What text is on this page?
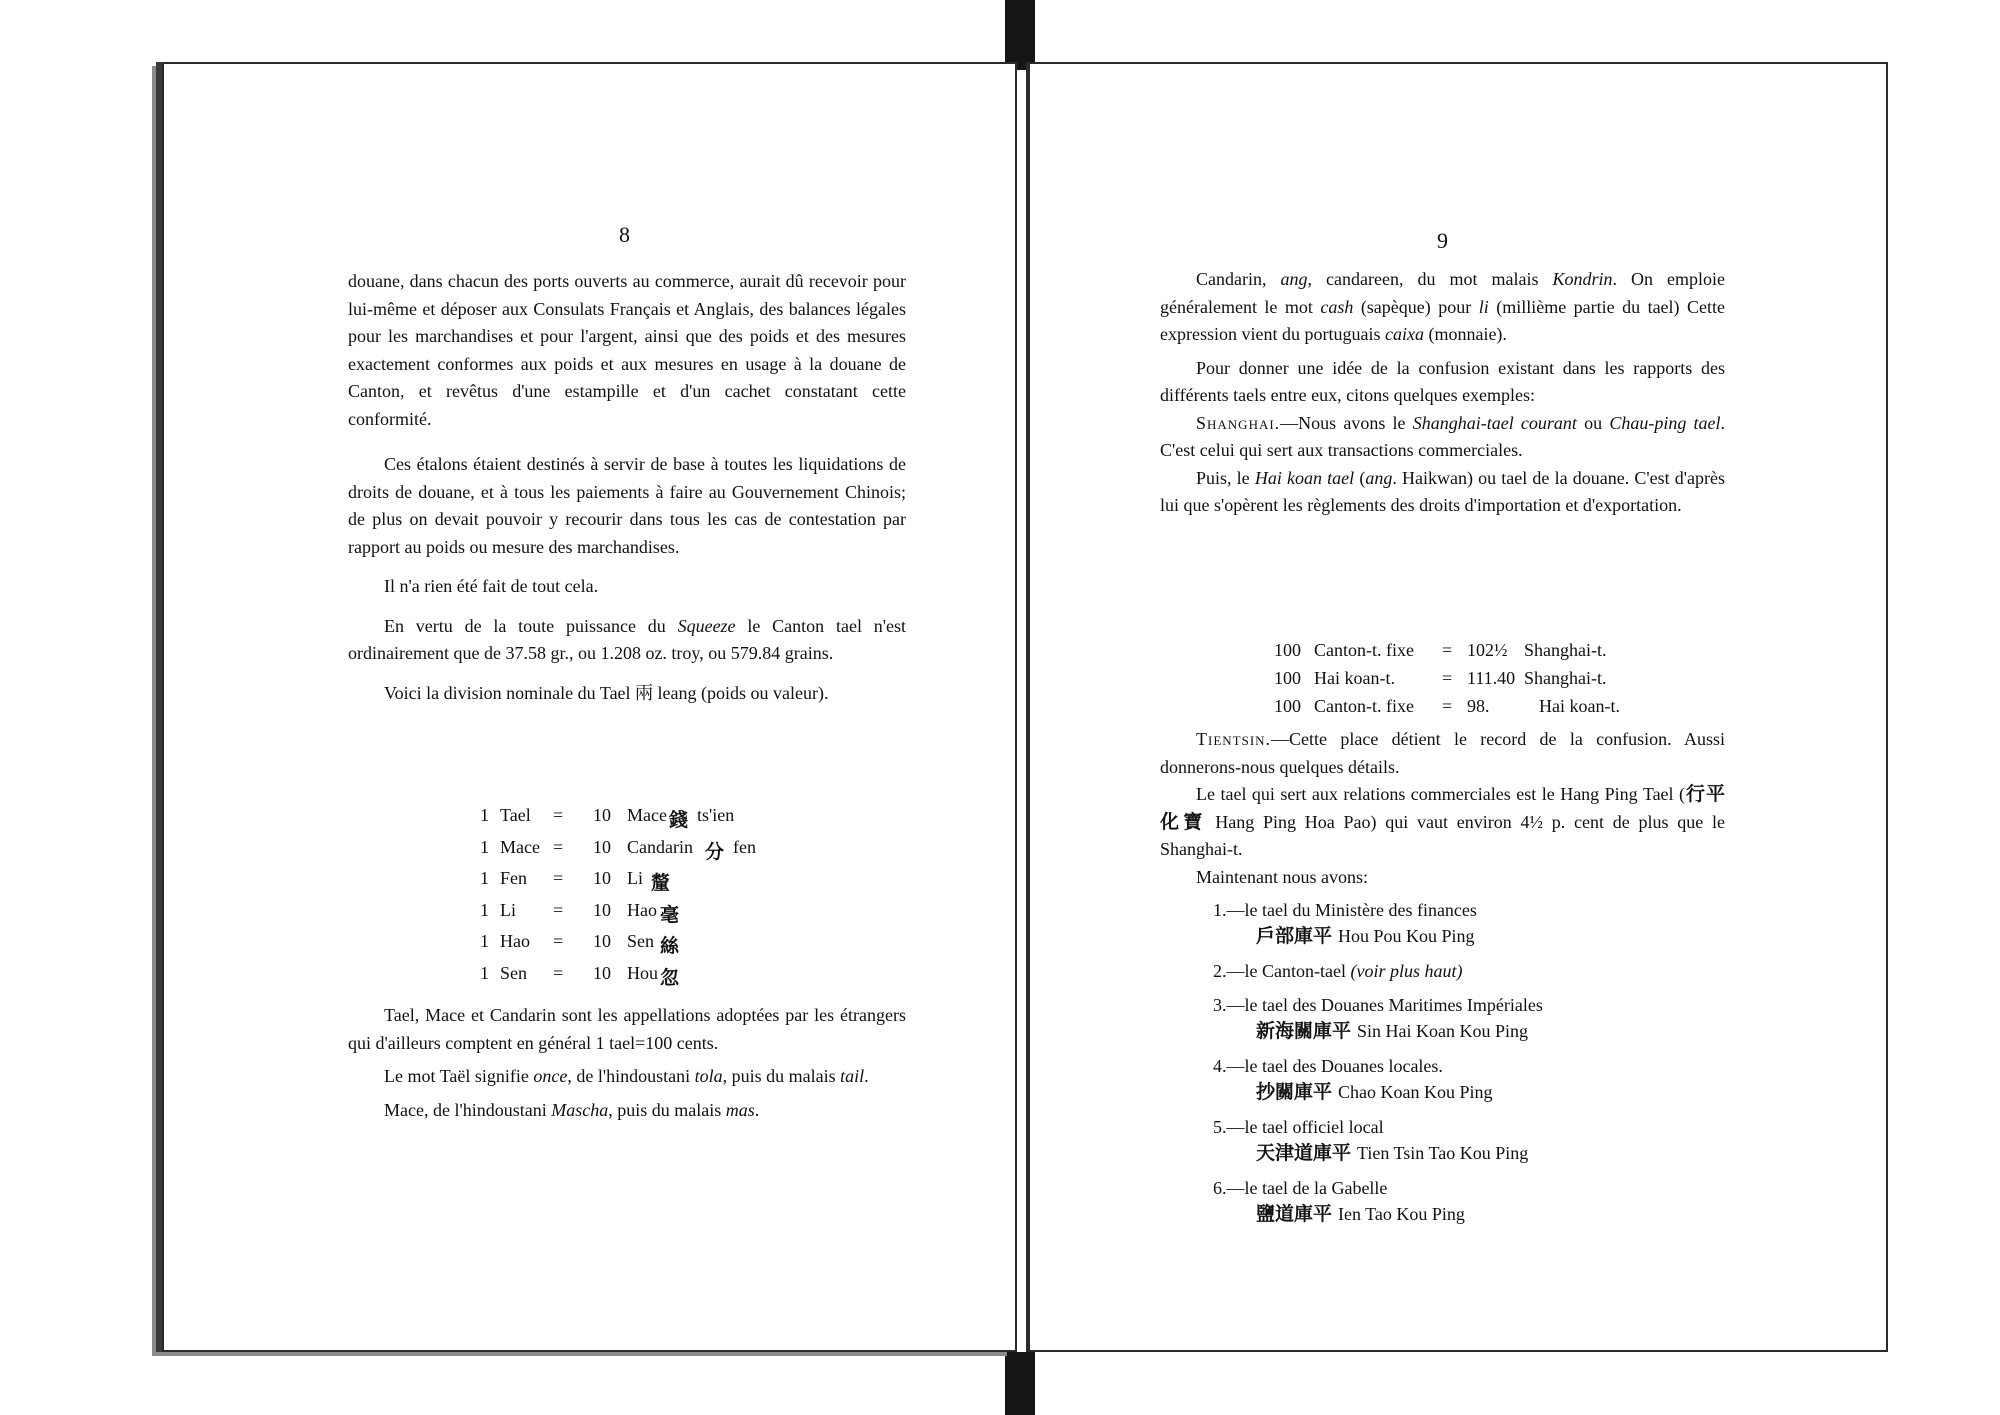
8

douane, dans chacun des ports ouverts au commerce, aurait dû recevoir pour lui-même et déposer aux Consulats Français et Anglais, des balances légales pour les marchandises et pour l'argent, ainsi que des poids et des mesures exactement conformes aux poids et aux mesures en usage à la douane de Canton, et revêtus d'une estampille et d'un cachet constatant cette conformité.

Ces étalons étaient destinés à servir de base à toutes les liquidations de droits de douane, et à tous les paiements à faire au Gouvernement Chinois; de plus on devait pouvoir y recourir dans tous les cas de contestation par rapport au poids ou mesure des marchandises.

Il n'a rien été fait de tout cela.

En vertu de la toute puissance du Squeeze le Canton tael n'est ordinairement que de 37.58 gr., ou 1.208 oz. troy, ou 579.84 grains.

Voici la division nominale du Tael 兩 leang (poids ou valeur).

1 Tael = 10 Mace 錢 ts'ien
1 Mace = 10 Candarin 分 fen
1 Fen = 10 Li 釐
1 Li = 10 Hao 毫
1 Hao = 10 Sen 絲
1 Sen = 10 Hou 忽

Tael, Mace et Candarin sont les appellations adoptées par les étrangers qui d'ailleurs comptent en général 1 tael=100 cents.

Le mot Taël signifie once, de l'hindoustani tola, puis du malais tail.

Mace, de l'hindoustani Mascha, puis du malais mas.

9

Candarin, ang, candareen, du mot malais Kondrin. On emploie généralement le mot cash (sapèque) pour li (millième partie du tael) Cette expression vient du portuguais caixa (monnaie).

Pour donner une idée de la confusion existant dans les rapports des différents taels entre eux, citons quelques exemples:

Shanghai.—Nous avons le Shanghai-tael courant ou Chau-ping tael. C'est celui qui sert aux transactions commerciales.

Puis, le Hai koan tael (ang. Haikwan) ou tael de la douane. C'est d'après lui que s'opèrent les règlements des droits d'importation et d'exportation.

100 Canton-t. fixe = 102½ Shanghai-t.
100 Hai koan-t.	= 111.40 Shanghai-t.
100 Canton-t. fixe = 98.	Hai koan-t.

Tientsin.—Cette place détient le record de la confusion. Aussi donnerons-nous quelques détails.

Le tael qui sert aux relations commerciales est le Hang Ping Tael (行平化寶 Hang Ping Hoa Pao) qui vaut environ 4½ p. cent de plus que le Shanghai-t.

Maintenant nous avons:

1.—le tael du Ministère des finances
戶部庫平 Hou Pou Kou Ping
2.—le Canton-tael (voir plus haut)
3.—le tael des Douanes Maritimes Impériales
新海關庫平 Sin Hai Koan Kou Ping
4.—le tael des Douanes locales.
抄關庫平 Chao Koan Kou Ping
5.—le tael officiel local
天津道庫平 Tien Tsin Tao Kou Ping
6.—le tael de la Gabelle
鹽道庫平 Ien Tao Kou Ping
